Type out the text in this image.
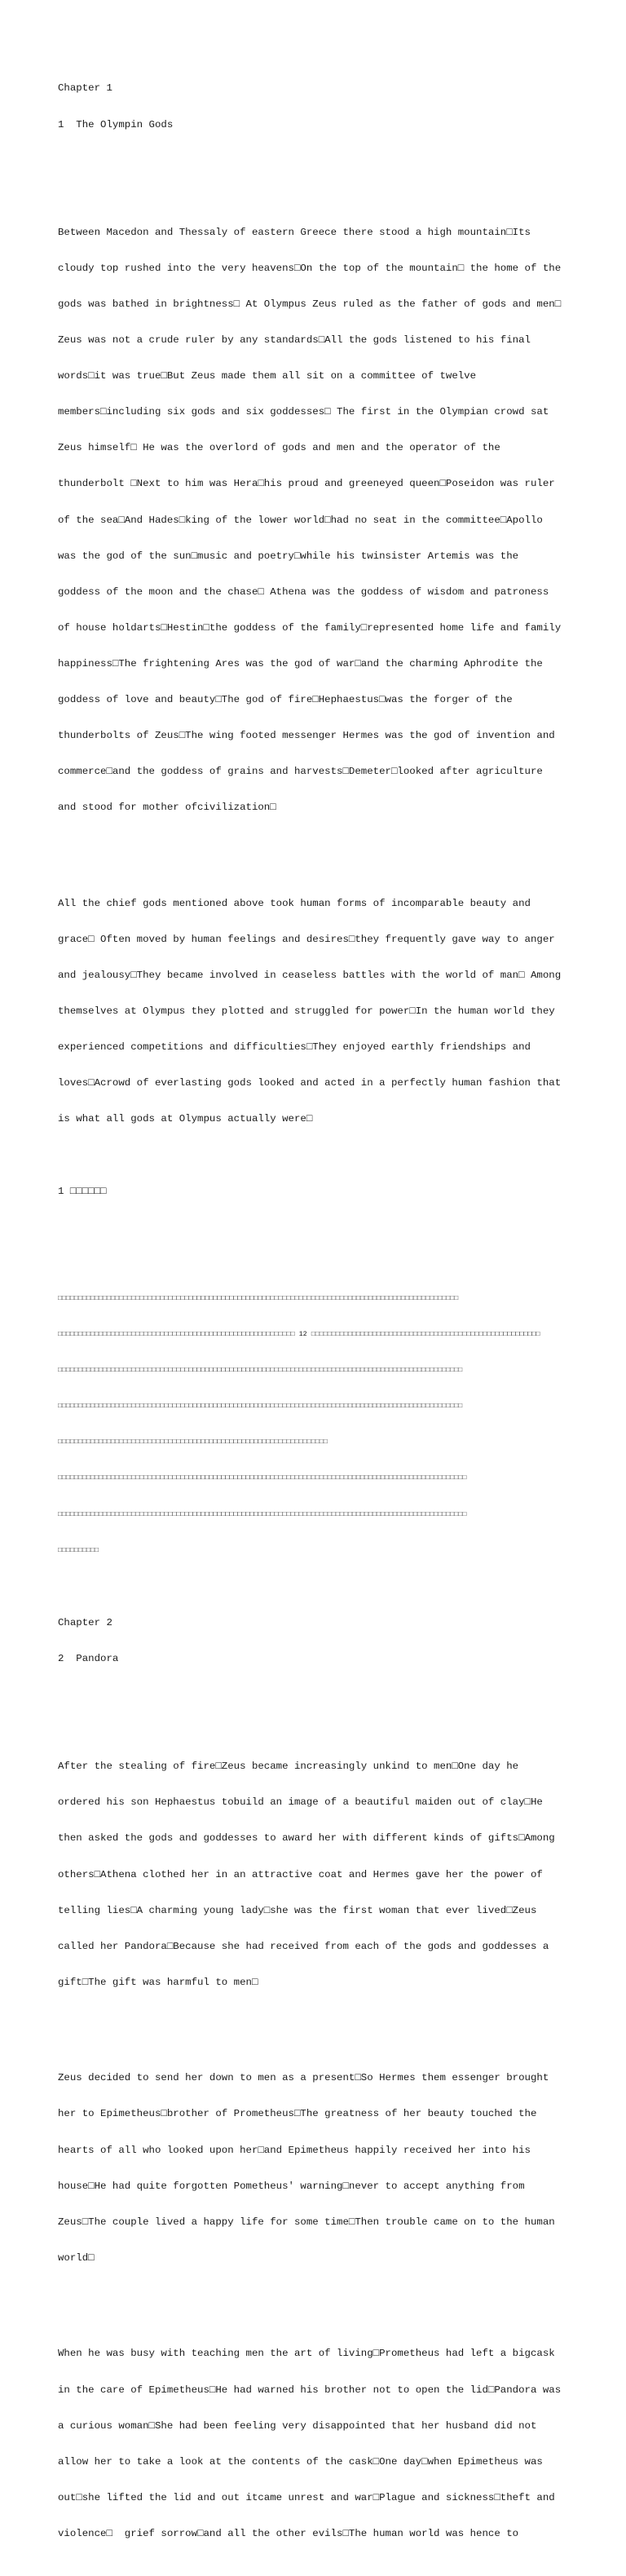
Chapter 1

1  The Olympin Gods

Between Macedon and Thessaly of eastern Greece there stood a high mountain□Its

cloudy top rushed into the very heavens□On the top of the mountain□ the home of the

gods was bathed in brightness□ At Olympus Zeus ruled as the father of gods and men□

Zeus was not a crude ruler by any standards□All the gods listened to his final

words□it was true□But Zeus made them all sit on a committee of twelve

members□including six gods and six goddesses□ The first in the Olympian crowd sat

Zeus himself□ He was the overlord of gods and men and the operator of the

thunderbolt □Next to him was Hera□his proud and greeneyed queen□Poseidon was ruler

of the sea□And Hades□king of the lower world□had no seat in the committee□Apollo

was the god of the sun□music and poetry□while his twinsister Artemis was the

goddess of the moon and the chase□ Athena was the goddess of wisdom and patroness

of house holdarts□Hestin□the goddess of the family□represented home life and family

happiness□The frightening Ares was the god of war□and the charming Aphrodite the

goddess of love and beauty□The god of fire□Hephaestus□was the forger of the

thunderbolts of Zeus□The wing footed messenger Hermes was the god of invention and

commerce□and the goddess of grains and harvests□Demeter□looked after agriculture

and stood for mother ofcivilization□

All the chief gods mentioned above took human forms of incomparable beauty and

grace□ Often moved by human feelings and desires□they frequently gave way to anger

and jealousy□They became involved in ceaseless battles with the world of man□ Among

themselves at Olympus they plotted and struggled for power□In the human world they

experienced competitions and difficulties□They enjoyed earthly friendships and

loves□Acrowd of everlasting gods looked and acted in a perfectly human fashion that

is what all gods at Olympus actually were□

1 □□□□□□

□□□□□□□□□□□□□□□□□□□□□□□□□□□□□□□□□□□□□□□□□□□□□□□□□□□□□□□□□□□□□□□□□□□□□□□□□□□□□□□□□□□□□□□□□□□□□□□□□□

□□□□□□□□□□□□□□□□□□□□□□□□□□□□□□□□□□□□□□□□□□□□□□□□□□□□□□□□□□ 12 □□□□□□□□□□□□□□□□□□□□□□□□□□□□□□□□□□□□□□□□□□□□□□□□□□□□□□□□

□□□□□□□□□□□□□□□□□□□□□□□□□□□□□□□□□□□□□□□□□□□□□□□□□□□□□□□□□□□□□□□□□□□□□□□□□□□□□□□□□□□□□□□□□□□□□□□□□□□

□□□□□□□□□□□□□□□□□□□□□□□□□□□□□□□□□□□□□□□□□□□□□□□□□□□□□□□□□□□□□□□□□□□□□□□□□□□□□□□□□□□□□□□□□□□□□□□□□□□

□□□□□□□□□□□□□□□□□□□□□□□□□□□□□□□□□□□□□□□□□□□□□□□□□□□□□□□□□□□□□□□□□□

□□□□□□□□□□□□□□□□□□□□□□□□□□□□□□□□□□□□□□□□□□□□□□□□□□□□□□□□□□□□□□□□□□□□□□□□□□□□□□□□□□□□□□□□□□□□□□□□□□□□

□□□□□□□□□□□□□□□□□□□□□□□□□□□□□□□□□□□□□□□□□□□□□□□□□□□□□□□□□□□□□□□□□□□□□□□□□□□□□□□□□□□□□□□□□□□□□□□□□□□□

□□□□□□□□□□

Chapter 2

2  Pandora

After the stealing of fire□Zeus became increasingly unkind to men□One day he

ordered his son Hephaestus tobuild an image of a beautiful maiden out of clay□He

then asked the gods and goddesses to award her with different kinds of gifts□Among

others□Athena clothed her in an attractive coat and Hermes gave her the power of

telling lies□A charming young lady□she was the first woman that ever lived□Zeus

called her Pandora□Because she had received from each of the gods and goddesses a

gift□The gift was harmful to men□

Zeus decided to send her down to men as a present□So Hermes them essenger brought

her to Epimetheus□brother of Prometheus□The greatness of her beauty touched the

hearts of all who looked upon her□and Epimetheus happily received her into his

house□He had quite forgotten Pometheus' warning□never to accept anything from

Zeus□The couple lived a happy life for some time□Then trouble came on to the human

world□

When he was busy with teaching men the art of living□Prometheus had left a bigcask

in the care of Epimetheus□He had warned his brother not to open the lid□Pandora was

a curious woman□She had been feeling very disappointed that her husband did not

allow her to take a look at the contents of the cask□One day□when Epimetheus was

out□she lifted the lid and out itcame unrest and war□Plague and sickness□theft and

violence□  grief sorrow□and all the other evils□The human world was hence to
